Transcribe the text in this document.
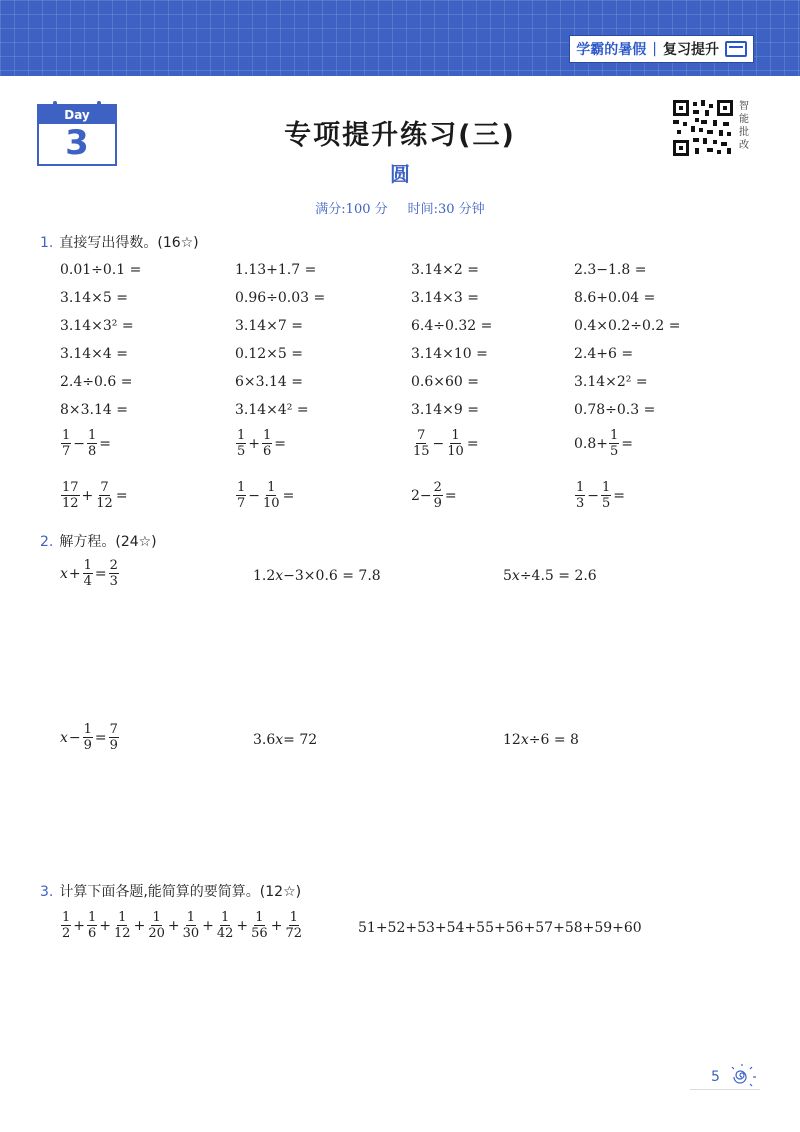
学霸的暑假 | 复习提升
Day
3	专项提升练习(三)
圆
满分:100 分 时间:30 分钟
智能批改
1. 直接写出得数。(16☆)
0.01÷0.1 =	1.13+1.7 =	3.14×2 =	2.3−1.8 =
3.14×5 =	0.96÷0.03 =	3.14×3 =	8.6+0.04 =
3.14×3² =	3.14×7 =	6.4÷0.32 =	0.4×0.2÷0.2 =
3.14×4 =	0.12×5 =	3.14×10 =	2.4+6 =
2.4÷0.6 =	6×3.14 =	0.6×60 =	3.14×2² =
8×3.14 =	3.14×4² =	3.14×9 =	0.78÷0.3 =
$\frac{1}{7} - \frac{1}{8}$ =	$\frac{1}{5} + \frac{1}{6}$ =	$\frac{7}{15} - \frac{1}{10}$ =	$0.8+ \frac{1}{5}$ =
$\frac{17}{12} + \frac{7}{12}$ =	$\frac{1}{7} - \frac{1}{10}$ =	$2- \frac{2}{9}$ =	$\frac{1}{3} - \frac{1}{5}$ =
2. 解方程。(24☆)
$x + \frac{1}{4} = \frac{2}{3}$	1.2 x −3×0.6 = 7.8	5 x ÷4.5 = 2.6
$x - \frac{1}{9} = \frac{7}{9}$	3.6 x = 72	12 x ÷6 = 8
3. 计算下面各题,能简算的要简算。(12☆)
$\frac{1}{2} + \frac{1}{6} + \frac{1}{12} + \frac{1}{20} + \frac{1}{30} + \frac{1}{42} + \frac{1}{56} + \frac{1}{72}$	51+52+53+54+55+56+57+58+59+60
5
